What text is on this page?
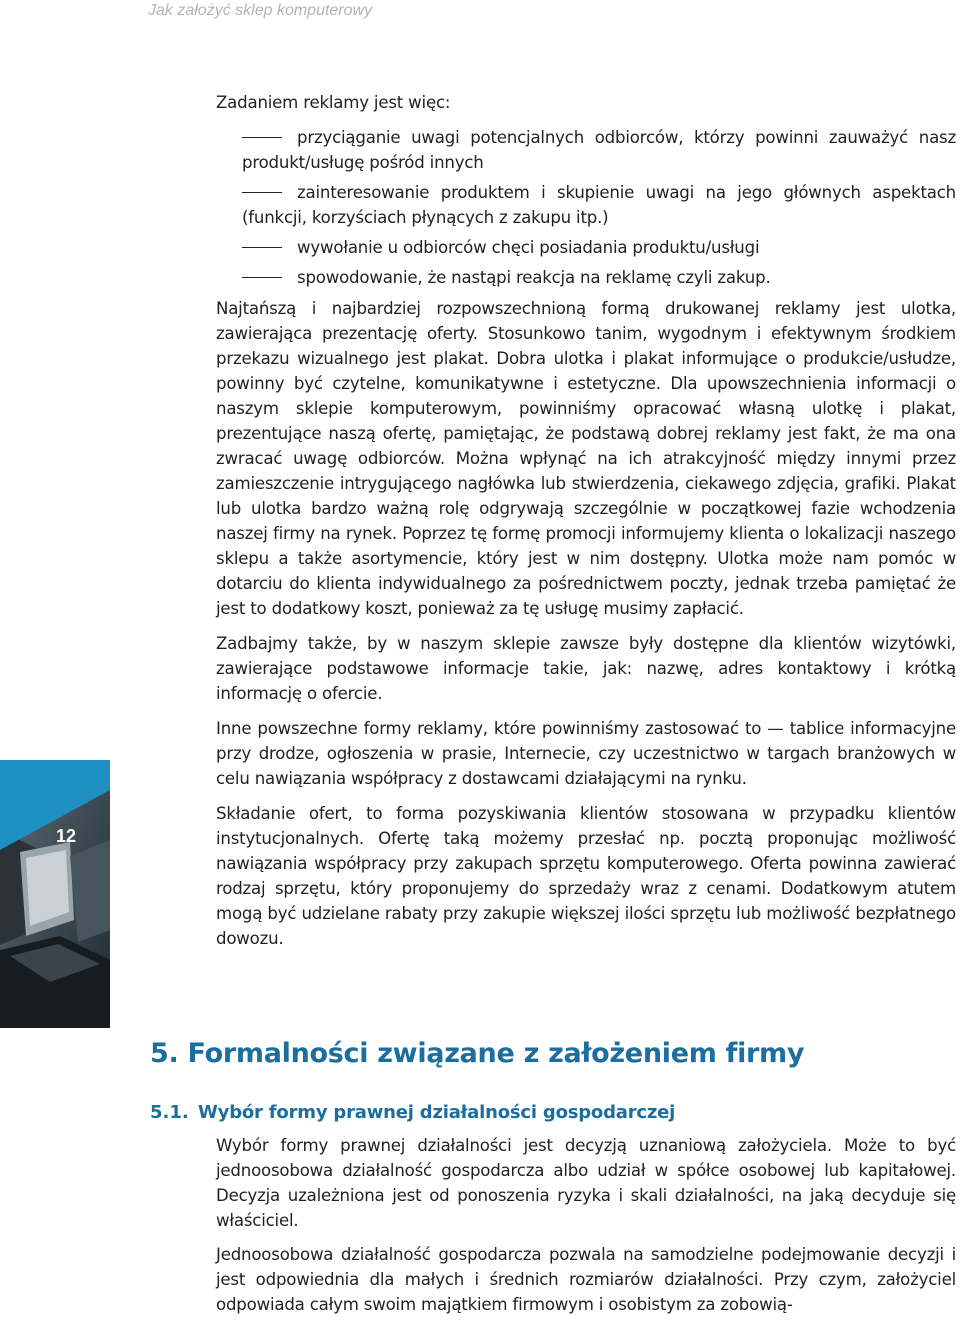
Jak założyć sklep komputerowy

Zadaniem reklamy jest więc:

przyciąganie uwagi potencjalnych odbiorców, którzy powinni zauważyć nasz produkt/usługę pośród innych
zainteresowanie produktem i skupienie uwagi na jego głównych aspektach (funkcji, korzyściach płynących z zakupu itp.)
wywołanie u odbiorców chęci posiadania produktu/usługi
spowodowanie, że nastąpi reakcja na reklamę czyli zakup.

Najtańszą i najbardziej rozpowszechnioną formą drukowanej reklamy jest ulotka, zawierająca prezentację oferty. Stosunkowo tanim, wygodnym i efektywnym środkiem przekazu wizualnego jest plakat. Dobra ulotka i plakat informujące o produkcie/usłudze, powinny być czytelne, komunikatywne i estetyczne. Dla upowszechnienia informacji o naszym sklepie komputerowym, powinniśmy opracować własną ulotkę i plakat, prezentujące naszą ofertę, pamiętając, że podstawą dobrej reklamy jest fakt, że ma ona zwracać uwagę odbiorców. Można wpłynąć na ich atrakcyjność między innymi przez zamieszczenie intrygującego nagłówka lub stwierdzenia, ciekawego zdjęcia, grafiki. Plakat lub ulotka bardzo ważną rolę odgrywają szczególnie w początkowej fazie wchodzenia naszej firmy na rynek. Poprzez tę formę promocji informujemy klienta o lokalizacji naszego sklepu a także asortymencie, który jest w nim dostępny. Ulotka może nam pomóc w dotarciu do klienta indywidualnego za pośrednictwem poczty, jednak trzeba pamiętać że jest to dodatkowy koszt, ponieważ za tę usługę musimy zapłacić.

Zadbajmy także, by w naszym sklepie zawsze były dostępne dla klientów wizytówki, zawierające podstawowe informacje takie, jak: nazwę, adres kontaktowy i krótką informację o ofercie.

Inne powszechne formy reklamy, które powinniśmy zastosować to — tablice informacyjne przy drodze, ogłoszenia w prasie, Internecie, czy uczestnictwo w targach branżowych w celu nawiązania współpracy z dostawcami działającymi na rynku.

Składanie ofert, to forma pozyskiwania klientów stosowana w przypadku klientów instytucjonalnych. Ofertę taką możemy przesłać np. pocztą proponując możliwość nawiązania współpracy przy zakupach sprzętu komputerowego. Oferta powinna zawierać rodzaj sprzętu, który proponujemy do sprzedaży wraz z cenami. Dodatkowym atutem mogą być udzielane rabaty przy zakupie większej ilości sprzętu lub możliwość bezpłatnego dowozu.

12
5. Formalności związane z założeniem firmy
5.1. Wybór formy prawnej działalności gospodarczej

Wybór formy prawnej działalności jest decyzją uznaniową założyciela. Może to być jednoosobowa działalność gospodarcza albo udział w spółce osobowej lub kapitałowej. Decyzja uzależniona jest od ponoszenia ryzyka i skali działalności, na jaką decyduje się właściciel.

Jednoosobowa działalność gospodarcza pozwala na samodzielne podejmowanie decyzji i jest odpowiednia dla małych i średnich rozmiarów działalności. Przy czym, założyciel odpowiada całym swoim majątkiem firmowym i osobistym za zobowią-
